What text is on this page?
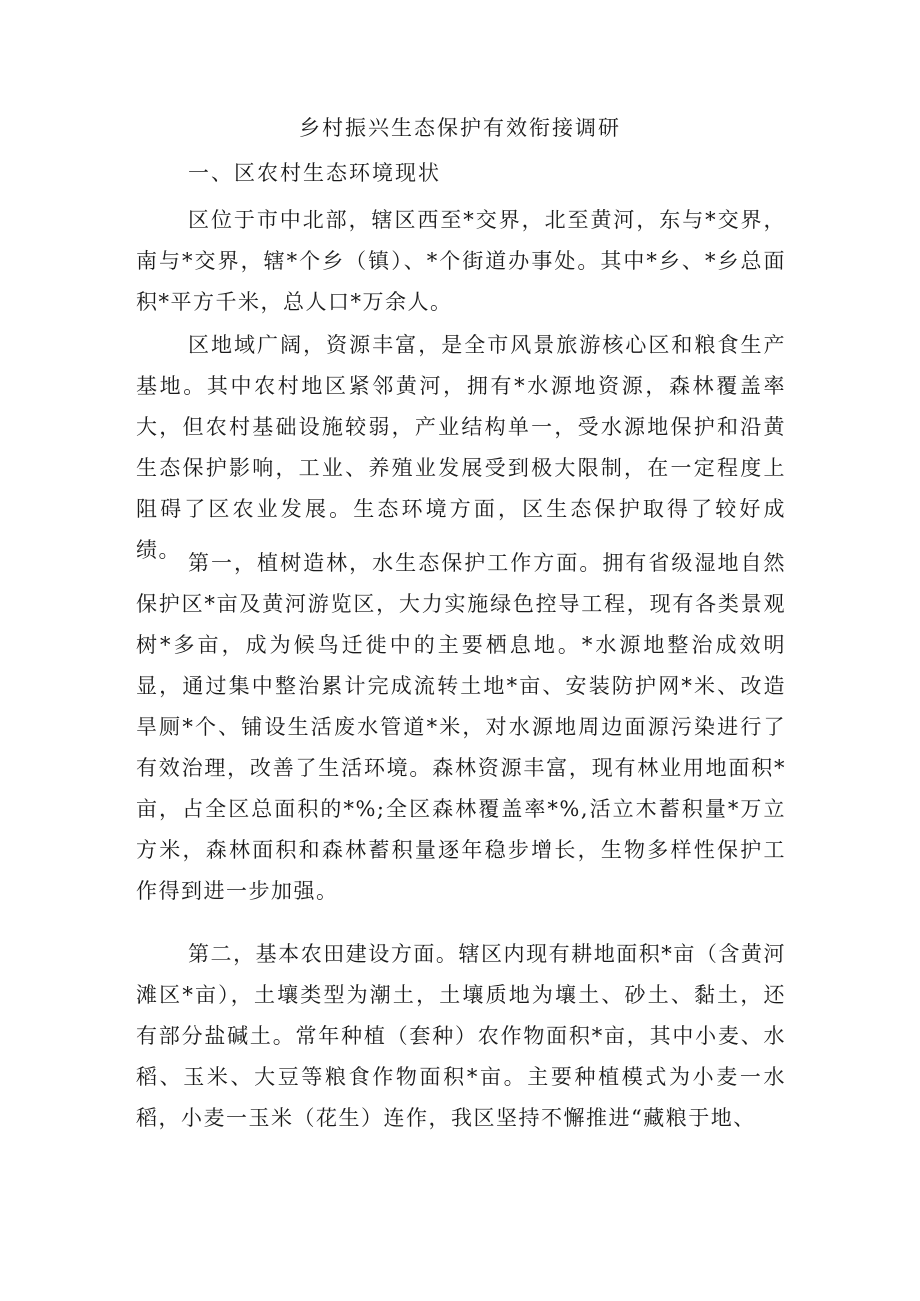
乡村振兴生态保护有效衔接调研
一、区农村生态环境现状

区位于市中北部，辖区西至*交界，北至黄河，东与*交界，南与*交界，辖*个乡（镇）、*个街道办事处。其中*乡、*乡总面积*平方千米，总人口*万余人。

区地域广阔，资源丰富，是全市风景旅游核心区和粮食生产基地。其中农村地区紧邻黄河，拥有*水源地资源，森林覆盖率大，但农村基础设施较弱，产业结构单一，受水源地保护和沿黄生态保护影响，工业、养殖业发展受到极大限制，在一定程度上阻碍了区农业发展。生态环境方面，区生态保护取得了较好成绩。

第一，植树造林，水生态保护工作方面。拥有省级湿地自然保护区*亩及黄河游览区，大力实施绿色控导工程，现有各类景观树*多亩，成为候鸟迁徙中的主要栖息地。*水源地整治成效明显，通过集中整治累计完成流转土地*亩、安装防护网*米、改造旱厕*个、铺设生活废水管道*米，对水源地周边面源污染进行了有效治理，改善了生活环境。森林资源丰富，现有林业用地面积*亩，占全区总面积的*%;全区森林覆盖率*%,活立木蓄积量*万立方米，森林面积和森林蓄积量逐年稳步增长，生物多样性保护工作得到进一步加强。

第二，基本农田建设方面。辖区内现有耕地面积*亩（含黄河滩区*亩），土壤类型为潮土，土壤质地为壤土、砂土、黏土，还有部分盐碱土。常年种植（套种）农作物面积*亩，其中小麦、水稻、玉米、大豆等粮食作物面积*亩。主要种植模式为小麦一水稻，小麦一玉米（花生）连作，我区坚持不懈推进“藏粮于地、
